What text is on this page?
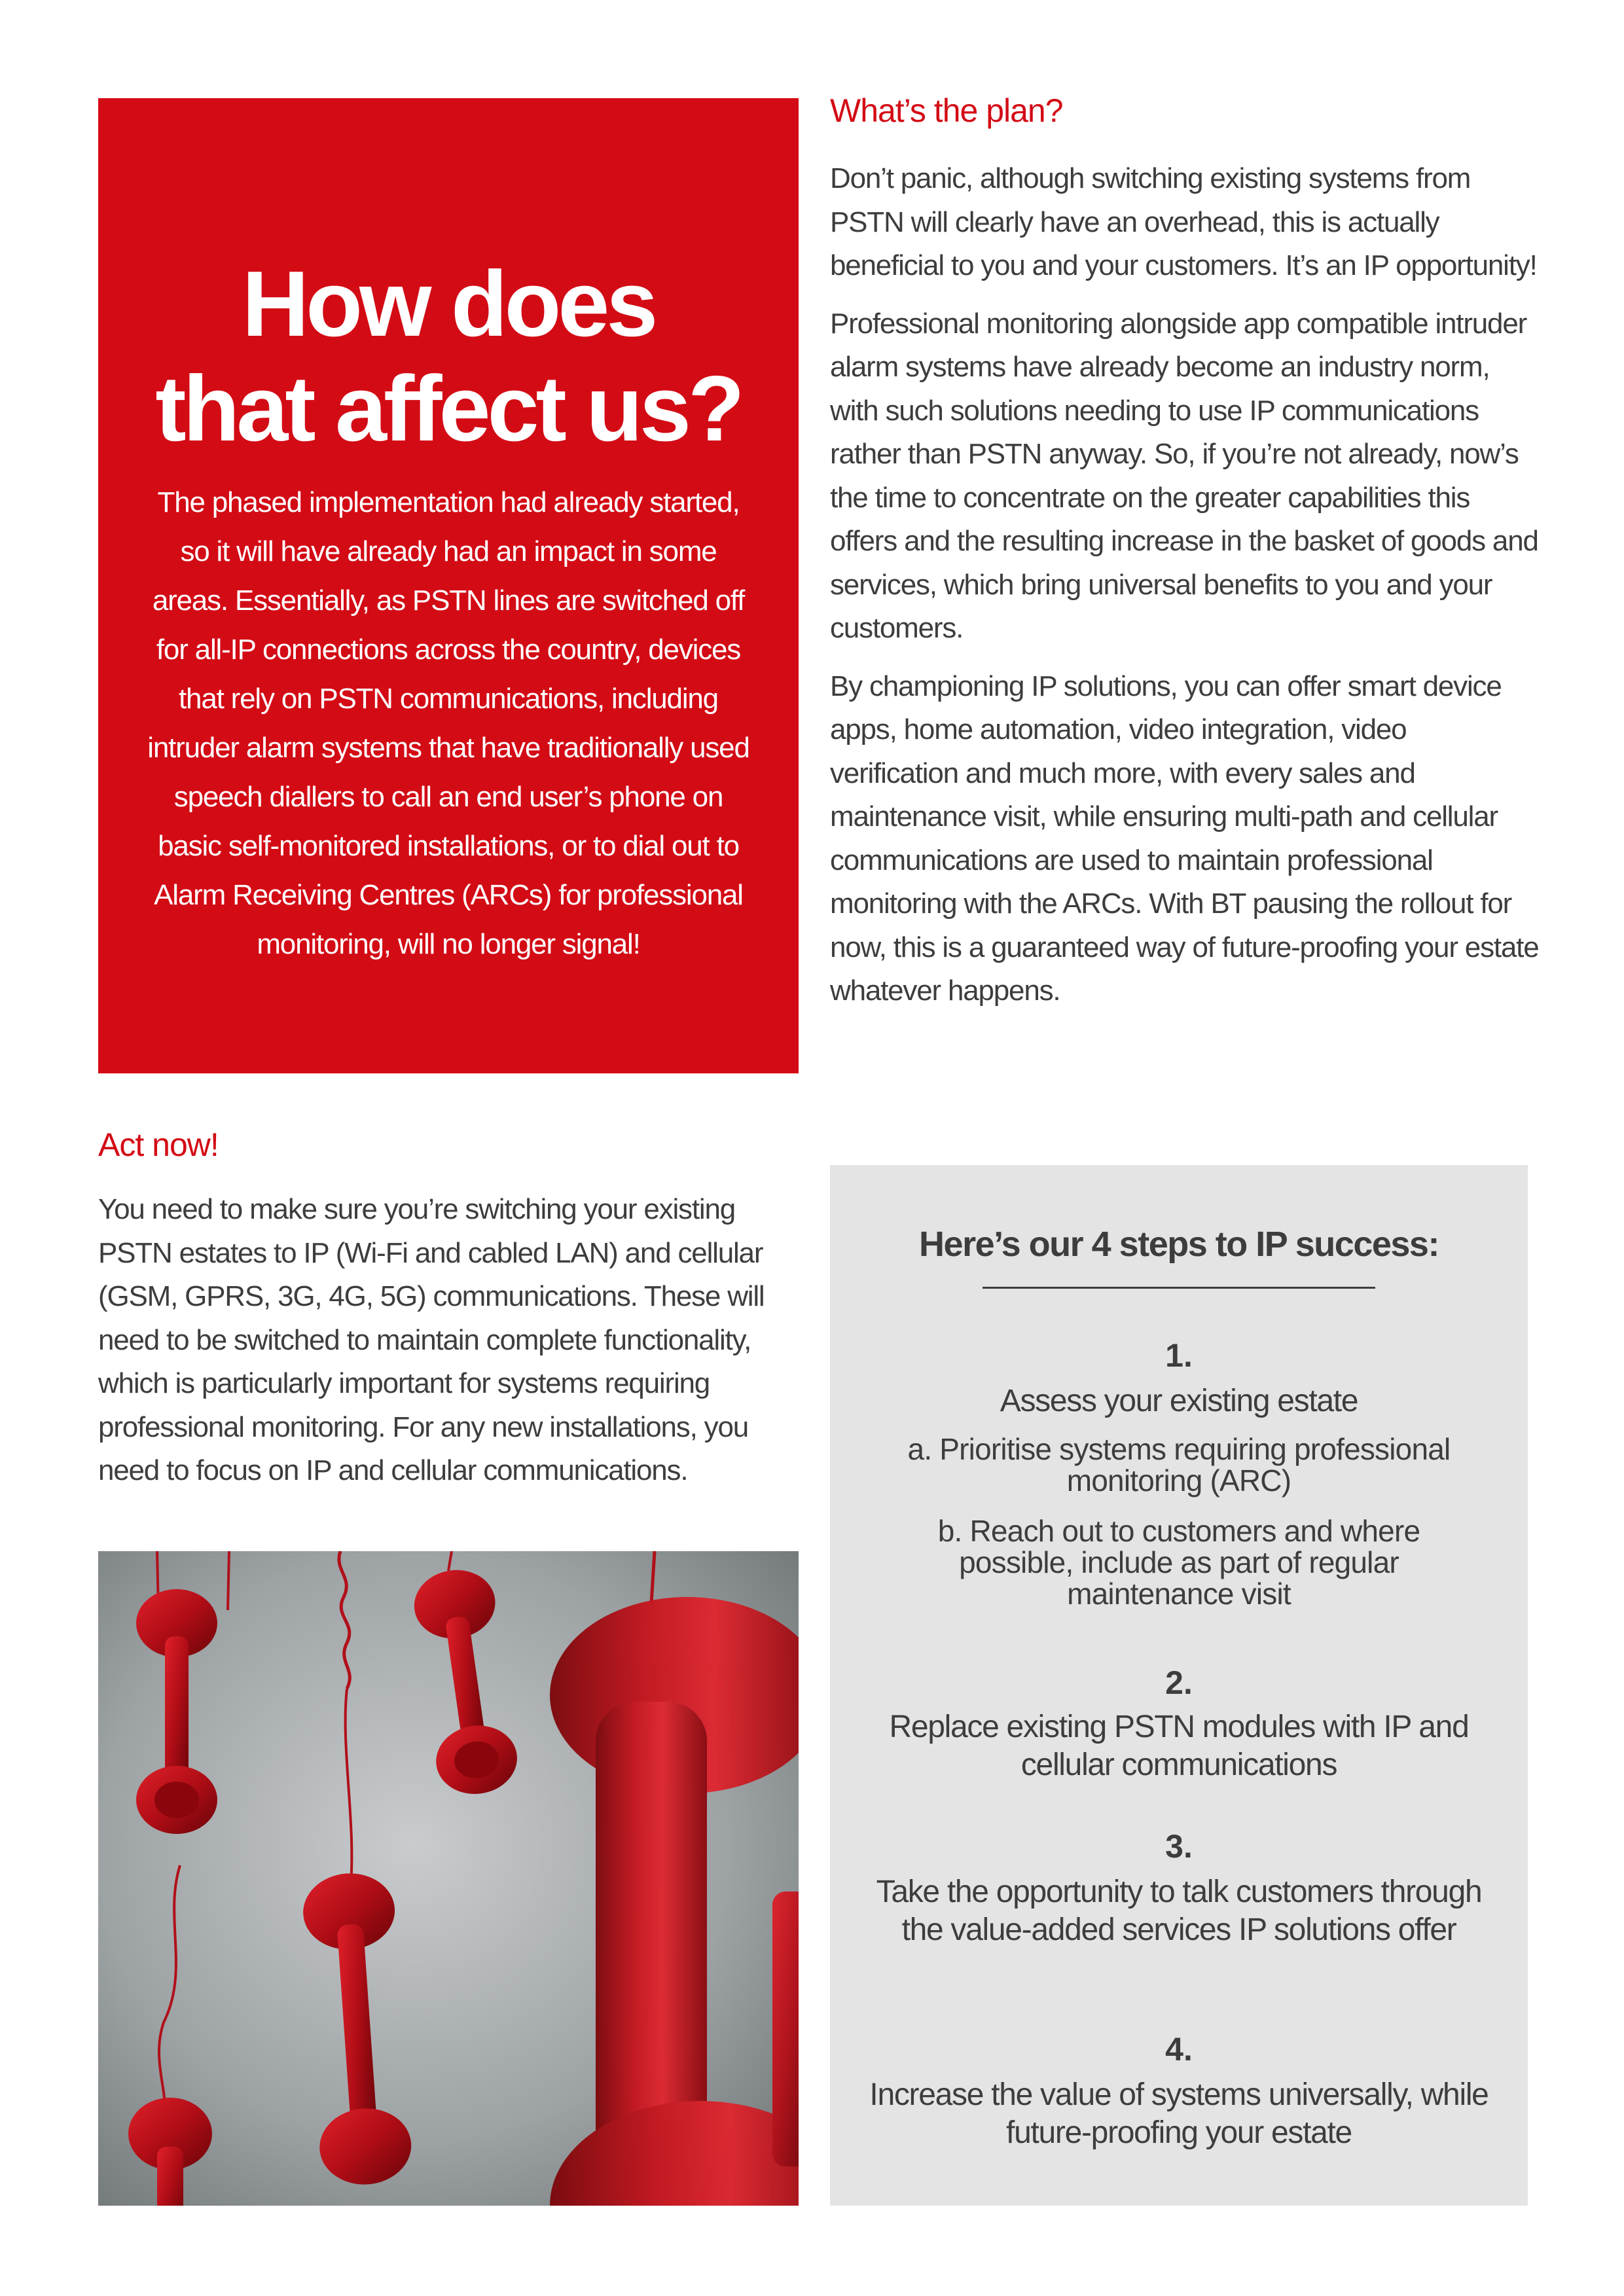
How does
that affect us?
The phased implementation had already started, so it will have already had an impact in some areas. Essentially, as PSTN lines are switched off for all-IP connections across the country, devices that rely on PSTN communications, including intruder alarm systems that have traditionally used speech diallers to call an end user’s phone on basic self-monitored installations, or to dial out to Alarm Receiving Centres (ARCs) for professional monitoring, will no longer signal!
What’s the plan?

Don’t panic, although switching existing systems from PSTN will clearly have an overhead, this is actually beneficial to you and your customers. It’s an IP opportunity!

Professional monitoring alongside app compatible intruder alarm systems have already become an industry norm, with such solutions needing to use IP communications rather than PSTN anyway. So, if you’re not already, now’s the time to concentrate on the greater capabilities this offers and the resulting increase in the basket of goods and services, which bring universal benefits to you and your customers.

By championing IP solutions, you can offer smart device apps, home automation, video integration, video verification and much more, with every sales and maintenance visit, while ensuring multi-path and cellular communications are used to maintain professional monitoring with the ARCs. With BT pausing the rollout for now, this is a guaranteed way of future-proofing your estate whatever happens.

Act now!

You need to make sure you’re switching your existing PSTN estates to IP (Wi-Fi and cabled LAN) and cellular (GSM, GPRS, 3G, 4G, 5G) communications. These will need to be switched to maintain complete functionality, which is particularly important for systems requiring professional monitoring. For any new installations, you need to focus on IP and cellular communications.

Here’s our 4 steps to IP success:
1.
Assess your existing estate
a. Prioritise systems requiring professional monitoring (ARC)
b. Reach out to customers and where possible, include as part of regular maintenance visit
2.
Replace existing PSTN modules with IP and cellular communications
3.
Take the opportunity to talk customers through the value-added services IP solutions offer
4.
Increase the value of systems universally, while future-proofing your estate
